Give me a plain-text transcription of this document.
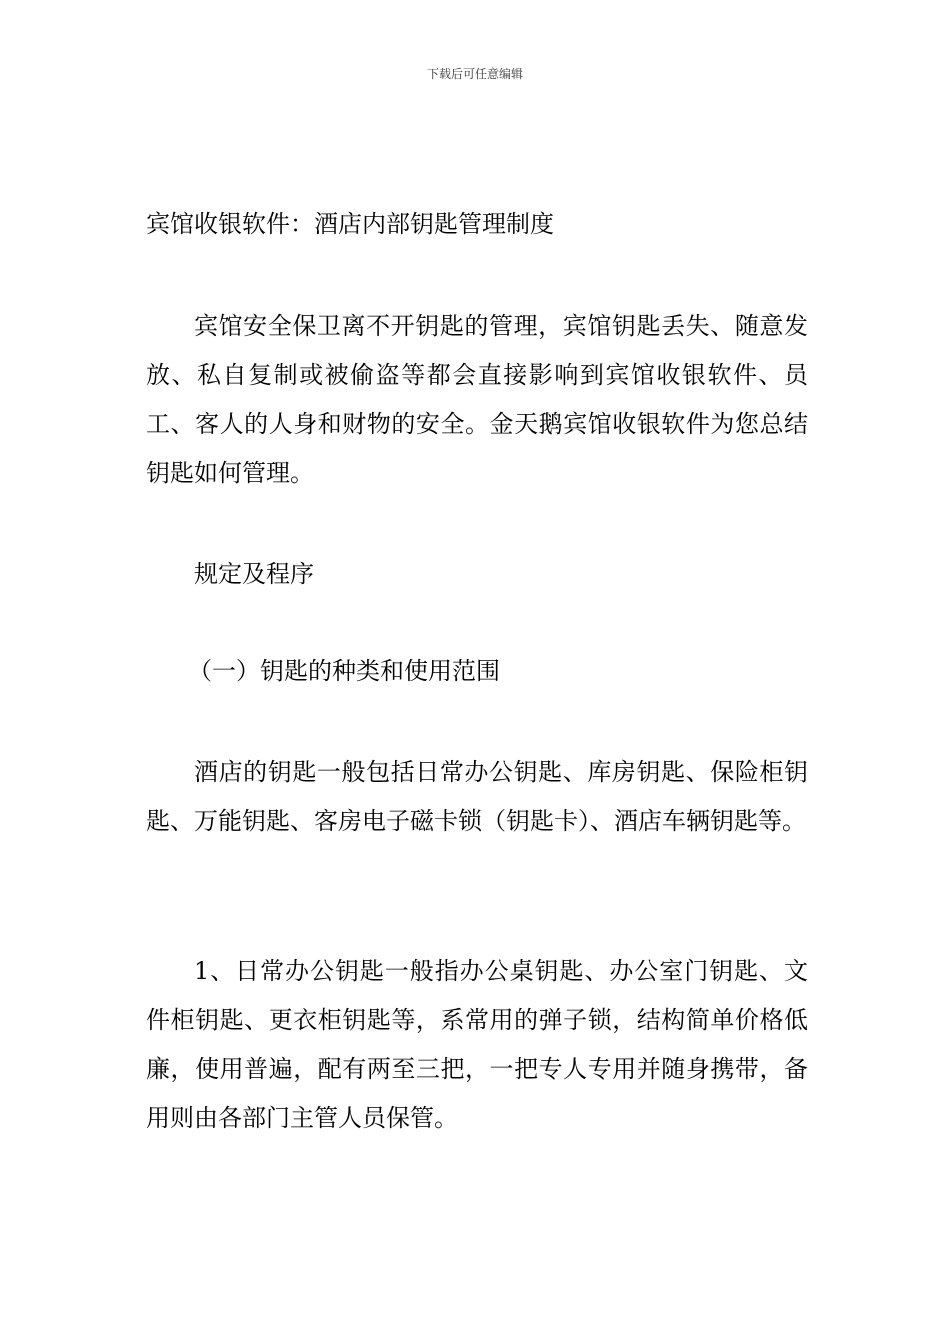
下载后可任意编辑
宾馆收银软件：酒店内部钥匙管理制度

宾馆安全保卫离不开钥匙的管理，宾馆钥匙丢失、随意发放、私自复制或被偷盗等都会直接影响到宾馆收银软件、员工、客人的人身和财物的安全。金天鹅宾馆收银软件为您总结钥匙如何管理。

规定及程序

（一）钥匙的种类和使用范围

酒店的钥匙一般包括日常办公钥匙、库房钥匙、保险柜钥匙、万能钥匙、客房电子磁卡锁（钥匙卡）、酒店车辆钥匙等。

1、日常办公钥匙一般指办公桌钥匙、办公室门钥匙、文件柜钥匙、更衣柜钥匙等，系常用的弹子锁，结构简单价格低廉，使用普遍，配有两至三把，一把专人专用并随身携带，备用则由各部门主管人员保管。
